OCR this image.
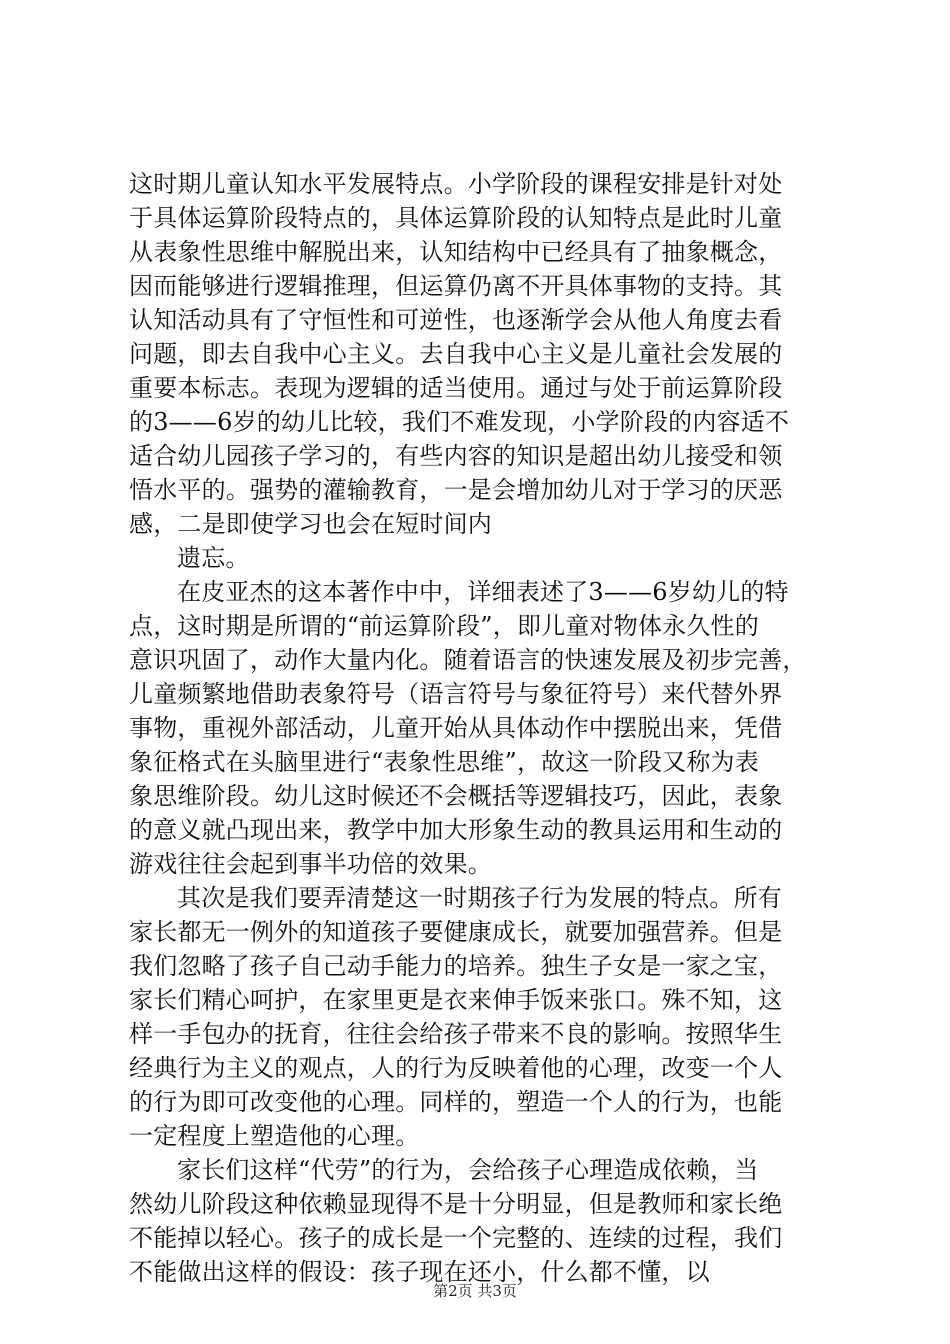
这时期儿童认知水平发展特点。小学阶段的课程安排是针对处
于具体运算阶段特点的，具体运算阶段的认知特点是此时儿童
从表象性思维中解脱出来，认知结构中已经具有了抽象概念，
因而能够进行逻辑推理，但运算仍离不开具体事物的支持。其
认知活动具有了守恒性和可逆性，也逐渐学会从他人角度去看
问题，即去自我中心主义。去自我中心主义是儿童社会发展的
重要本标志。表现为逻辑的适当使用。通过与处于前运算阶段
的3——6岁的幼儿比较，我们不难发现，小学阶段的内容适不
适合幼儿园孩子学习的，有些内容的知识是超出幼儿接受和领
悟水平的。强势的灌输教育，一是会增加幼儿对于学习的厌恶
感，二是即使学习也会在短时间内
遗忘。
在皮亚杰的这本著作中中，详细表述了3——6岁幼儿的特
点，这时期是所谓的“前运算阶段”，即儿童对物体永久性的
意识巩固了，动作大量内化。随着语言的快速发展及初步完善，
儿童频繁地借助表象符号（语言符号与象征符号）来代替外界
事物，重视外部活动，儿童开始从具体动作中摆脱出来，凭借
象征格式在头脑里进行“表象性思维”，故这一阶段又称为表
象思维阶段。幼儿这时候还不会概括等逻辑技巧，因此，表象
的意义就凸现出来，教学中加大形象生动的教具运用和生动的
游戏往往会起到事半功倍的效果。
其次是我们要弄清楚这一时期孩子行为发展的特点。所有
家长都无一例外的知道孩子要健康成长，就要加强营养。但是
我们忽略了孩子自己动手能力的培养。独生子女是一家之宝，
家长们精心呵护，在家里更是衣来伸手饭来张口。殊不知，这
样一手包办的抚育，往往会给孩子带来不良的影响。按照华生
经典行为主义的观点，人的行为反映着他的心理，改变一个人
的行为即可改变他的心理。同样的，塑造一个人的行为，也能
一定程度上塑造他的心理。
家长们这样“代劳”的行为，会给孩子心理造成依赖，当
然幼儿阶段这种依赖显现得不是十分明显，但是教师和家长绝
不能掉以轻心。孩子的成长是一个完整的、连续的过程，我们
不能做出这样的假设：孩子现在还小，什么都不懂，以
第2页 共3页
